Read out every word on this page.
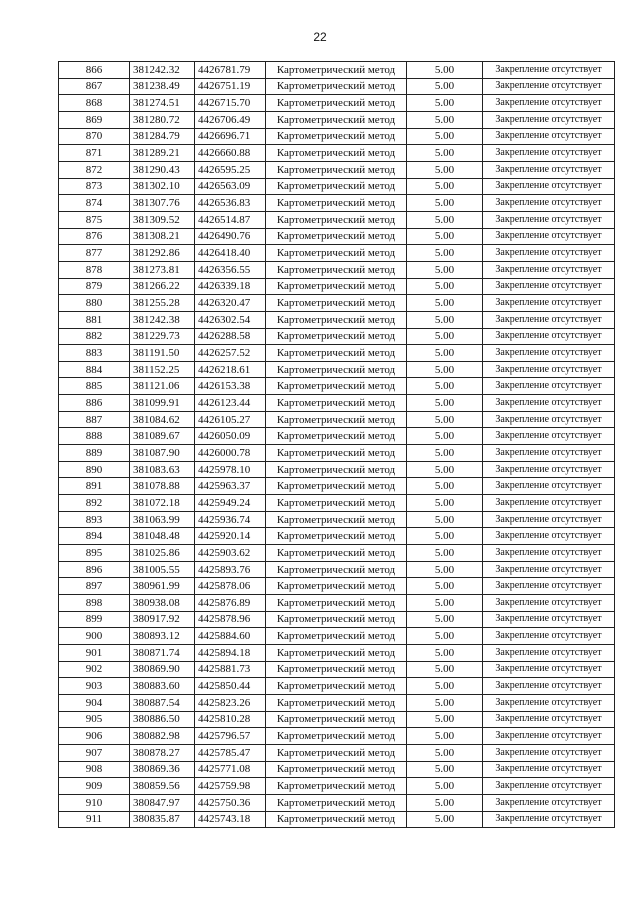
22
866	381242.32	4426781.79	Картометрический метод	5.00	Закрепление отсутствует
867	381238.49	4426751.19	Картометрический метод	5.00	Закрепление отсутствует
868	381274.51	4426715.70	Картометрический метод	5.00	Закрепление отсутствует
869	381280.72	4426706.49	Картометрический метод	5.00	Закрепление отсутствует
870	381284.79	4426696.71	Картометрический метод	5.00	Закрепление отсутствует
871	381289.21	4426660.88	Картометрический метод	5.00	Закрепление отсутствует
872	381290.43	4426595.25	Картометрический метод	5.00	Закрепление отсутствует
873	381302.10	4426563.09	Картометрический метод	5.00	Закрепление отсутствует
874	381307.76	4426536.83	Картометрический метод	5.00	Закрепление отсутствует
875	381309.52	4426514.87	Картометрический метод	5.00	Закрепление отсутствует
876	381308.21	4426490.76	Картометрический метод	5.00	Закрепление отсутствует
877	381292.86	4426418.40	Картометрический метод	5.00	Закрепление отсутствует
878	381273.81	4426356.55	Картометрический метод	5.00	Закрепление отсутствует
879	381266.22	4426339.18	Картометрический метод	5.00	Закрепление отсутствует
880	381255.28	4426320.47	Картометрический метод	5.00	Закрепление отсутствует
881	381242.38	4426302.54	Картометрический метод	5.00	Закрепление отсутствует
882	381229.73	4426288.58	Картометрический метод	5.00	Закрепление отсутствует
883	381191.50	4426257.52	Картометрический метод	5.00	Закрепление отсутствует
884	381152.25	4426218.61	Картометрический метод	5.00	Закрепление отсутствует
885	381121.06	4426153.38	Картометрический метод	5.00	Закрепление отсутствует
886	381099.91	4426123.44	Картометрический метод	5.00	Закрепление отсутствует
887	381084.62	4426105.27	Картометрический метод	5.00	Закрепление отсутствует
888	381089.67	4426050.09	Картометрический метод	5.00	Закрепление отсутствует
889	381087.90	4426000.78	Картометрический метод	5.00	Закрепление отсутствует
890	381083.63	4425978.10	Картометрический метод	5.00	Закрепление отсутствует
891	381078.88	4425963.37	Картометрический метод	5.00	Закрепление отсутствует
892	381072.18	4425949.24	Картометрический метод	5.00	Закрепление отсутствует
893	381063.99	4425936.74	Картометрический метод	5.00	Закрепление отсутствует
894	381048.48	4425920.14	Картометрический метод	5.00	Закрепление отсутствует
895	381025.86	4425903.62	Картометрический метод	5.00	Закрепление отсутствует
896	381005.55	4425893.76	Картометрический метод	5.00	Закрепление отсутствует
897	380961.99	4425878.06	Картометрический метод	5.00	Закрепление отсутствует
898	380938.08	4425876.89	Картометрический метод	5.00	Закрепление отсутствует
899	380917.92	4425878.96	Картометрический метод	5.00	Закрепление отсутствует
900	380893.12	4425884.60	Картометрический метод	5.00	Закрепление отсутствует
901	380871.74	4425894.18	Картометрический метод	5.00	Закрепление отсутствует
902	380869.90	4425881.73	Картометрический метод	5.00	Закрепление отсутствует
903	380883.60	4425850.44	Картометрический метод	5.00	Закрепление отсутствует
904	380887.54	4425823.26	Картометрический метод	5.00	Закрепление отсутствует
905	380886.50	4425810.28	Картометрический метод	5.00	Закрепление отсутствует
906	380882.98	4425796.57	Картометрический метод	5.00	Закрепление отсутствует
907	380878.27	4425785.47	Картометрический метод	5.00	Закрепление отсутствует
908	380869.36	4425771.08	Картометрический метод	5.00	Закрепление отсутствует
909	380859.56	4425759.98	Картометрический метод	5.00	Закрепление отсутствует
910	380847.97	4425750.36	Картометрический метод	5.00	Закрепление отсутствует
911	380835.87	4425743.18	Картометрический метод	5.00	Закрепление отсутствует
